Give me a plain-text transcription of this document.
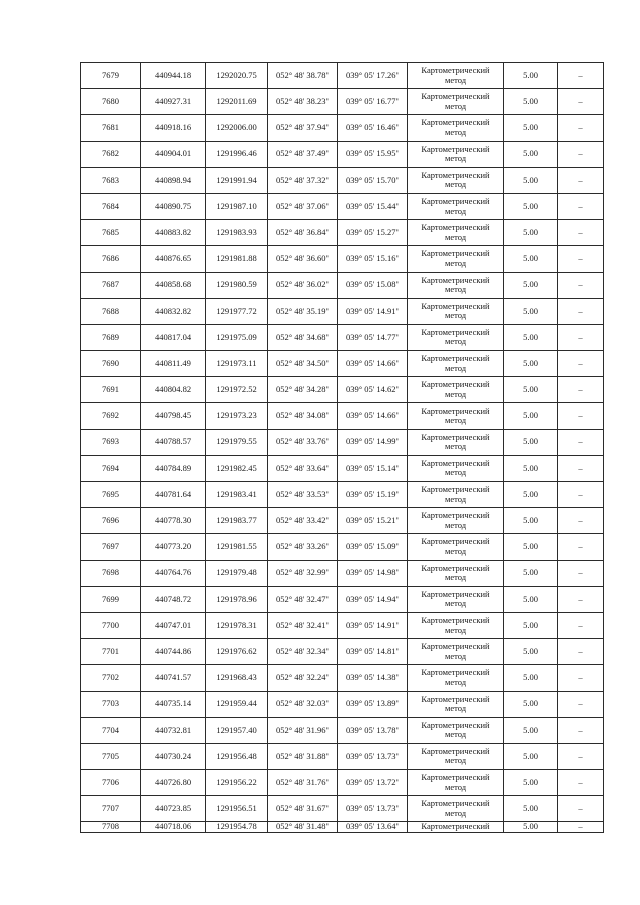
7679	440944.18	1292020.75	052° 48' 38.78"	039° 05' 17.26"	Картометрический метод	5.00	–
7680	440927.31	1292011.69	052° 48' 38.23"	039° 05' 16.77"	Картометрический метод	5.00	–
7681	440918.16	1292006.00	052° 48' 37.94"	039° 05' 16.46"	Картометрический метод	5.00	–
7682	440904.01	1291996.46	052° 48' 37.49"	039° 05' 15.95"	Картометрический метод	5.00	–
7683	440898.94	1291991.94	052° 48' 37.32"	039° 05' 15.70"	Картометрический метод	5.00	–
7684	440890.75	1291987.10	052° 48' 37.06"	039° 05' 15.44"	Картометрический метод	5.00	–
7685	440883.82	1291983.93	052° 48' 36.84"	039° 05' 15.27"	Картометрический метод	5.00	–
7686	440876.65	1291981.88	052° 48' 36.60"	039° 05' 15.16"	Картометрический метод	5.00	–
7687	440858.68	1291980.59	052° 48' 36.02"	039° 05' 15.08"	Картометрический метод	5.00	–
7688	440832.82	1291977.72	052° 48' 35.19"	039° 05' 14.91"	Картометрический метод	5.00	–
7689	440817.04	1291975.09	052° 48' 34.68"	039° 05' 14.77"	Картометрический метод	5.00	–
7690	440811.49	1291973.11	052° 48' 34.50"	039° 05' 14.66"	Картометрический метод	5.00	–
7691	440804.82	1291972.52	052° 48' 34.28"	039° 05' 14.62"	Картометрический метод	5.00	–
7692	440798.45	1291973.23	052° 48' 34.08"	039° 05' 14.66"	Картометрический метод	5.00	–
7693	440788.57	1291979.55	052° 48' 33.76"	039° 05' 14.99"	Картометрический метод	5.00	–
7694	440784.89	1291982.45	052° 48' 33.64"	039° 05' 15.14"	Картометрический метод	5.00	–
7695	440781.64	1291983.41	052° 48' 33.53"	039° 05' 15.19"	Картометрический метод	5.00	–
7696	440778.30	1291983.77	052° 48' 33.42"	039° 05' 15.21"	Картометрический метод	5.00	–
7697	440773.20	1291981.55	052° 48' 33.26"	039° 05' 15.09"	Картометрический метод	5.00	–
7698	440764.76	1291979.48	052° 48' 32.99"	039° 05' 14.98"	Картометрический метод	5.00	–
7699	440748.72	1291978.96	052° 48' 32.47"	039° 05' 14.94"	Картометрический метод	5.00	–
7700	440747.01	1291978.31	052° 48' 32.41"	039° 05' 14.91"	Картометрический метод	5.00	–
7701	440744.86	1291976.62	052° 48' 32.34"	039° 05' 14.81"	Картометрический метод	5.00	–
7702	440741.57	1291968.43	052° 48' 32.24"	039° 05' 14.38"	Картометрический метод	5.00	–
7703	440735.14	1291959.44	052° 48' 32.03"	039° 05' 13.89"	Картометрический метод	5.00	–
7704	440732.81	1291957.40	052° 48' 31.96"	039° 05' 13.78"	Картометрический метод	5.00	–
7705	440730.24	1291956.48	052° 48' 31.88"	039° 05' 13.73"	Картометрический метод	5.00	–
7706	440726.80	1291956.22	052° 48' 31.76"	039° 05' 13.72"	Картометрический метод	5.00	–
7707	440723.85	1291956.51	052° 48' 31.67"	039° 05' 13.73"	Картометрический метод	5.00	–
7708	440718.06	1291954.78	052° 48' 31.48"	039° 05' 13.64"	Картометрический	5.00	–
